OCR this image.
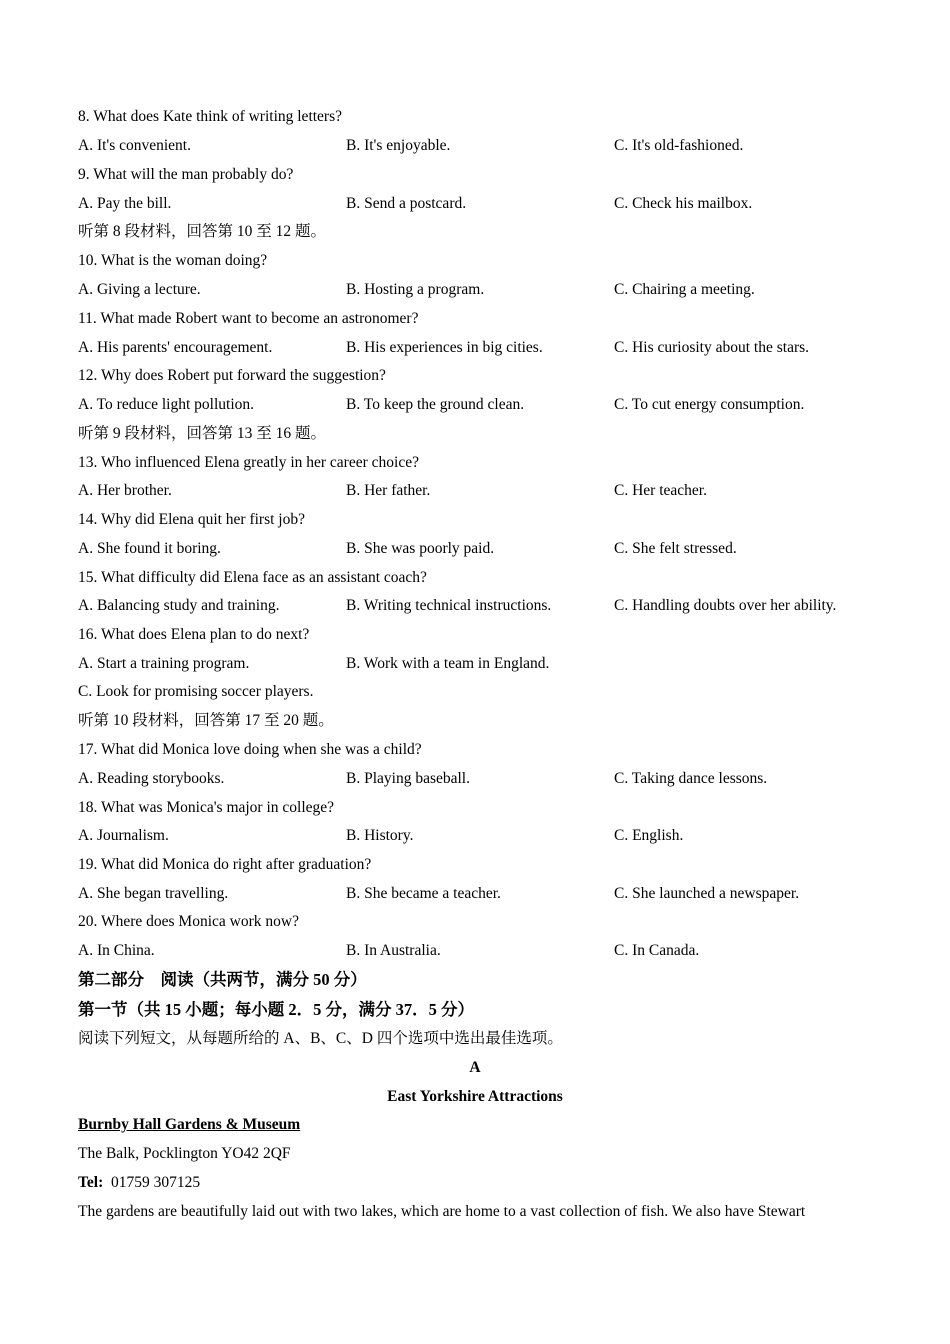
8. What does Kate think of writing letters?
A. It's convenient.	B. It's enjoyable.	C. It's old-fashioned.
9. What will the man probably do?
A. Pay the bill.	B. Send a postcard.	C. Check his mailbox.
听第 8 段材料，回答第 10 至 12 题。
10. What is the woman doing?
A. Giving a lecture.	B. Hosting a program.	C. Chairing a meeting.
11. What made Robert want to become an astronomer?
A. His parents' encouragement.	B. His experiences in big cities.	C. His curiosity about the stars.
12. Why does Robert put forward the suggestion?
A. To reduce light pollution.	B. To keep the ground clean.	C. To cut energy consumption.
听第 9 段材料，回答第 13 至 16 题。
13. Who influenced Elena greatly in her career choice?
A. Her brother.	B. Her father.	C. Her teacher.
14. Why did Elena quit her first job?
A. She found it boring.	B. She was poorly paid.	C. She felt stressed.
15. What difficulty did Elena face as an assistant coach?
A. Balancing study and training.	B. Writing technical instructions.	C. Handling doubts over her ability.
16. What does Elena plan to do next?
A. Start a training program.	B. Work with a team in England.
C. Look for promising soccer players.
听第 10 段材料，回答第 17 至 20 题。
17. What did Monica love doing when she was a child?
A. Reading storybooks.	B. Playing baseball.	C. Taking dance lessons.
18. What was Monica's major in college?
A. Journalism.	B. History.	C. English.
19. What did Monica do right after graduation?
A. She began travelling.	B. She became a teacher.	C. She launched a newspaper.
20. Where does Monica work now?
A. In China.	B. In Australia.	C. In Canada.
第二部分　阅读（共两节，满分 50 分）
第一节（共 15 小题；每小题 2．5 分，满分 37．5 分）
阅读下列短文，从每题所给的 A、B、C、D 四个选项中选出最佳选项。
A
East Yorkshire Attractions
Burnby Hall Gardens & Museum
The Balk, Pocklington YO42 2QF
Tel: 01759 307125
The gardens are beautifully laid out with two lakes, which are home to a vast collection of fish. We also have Stewart
